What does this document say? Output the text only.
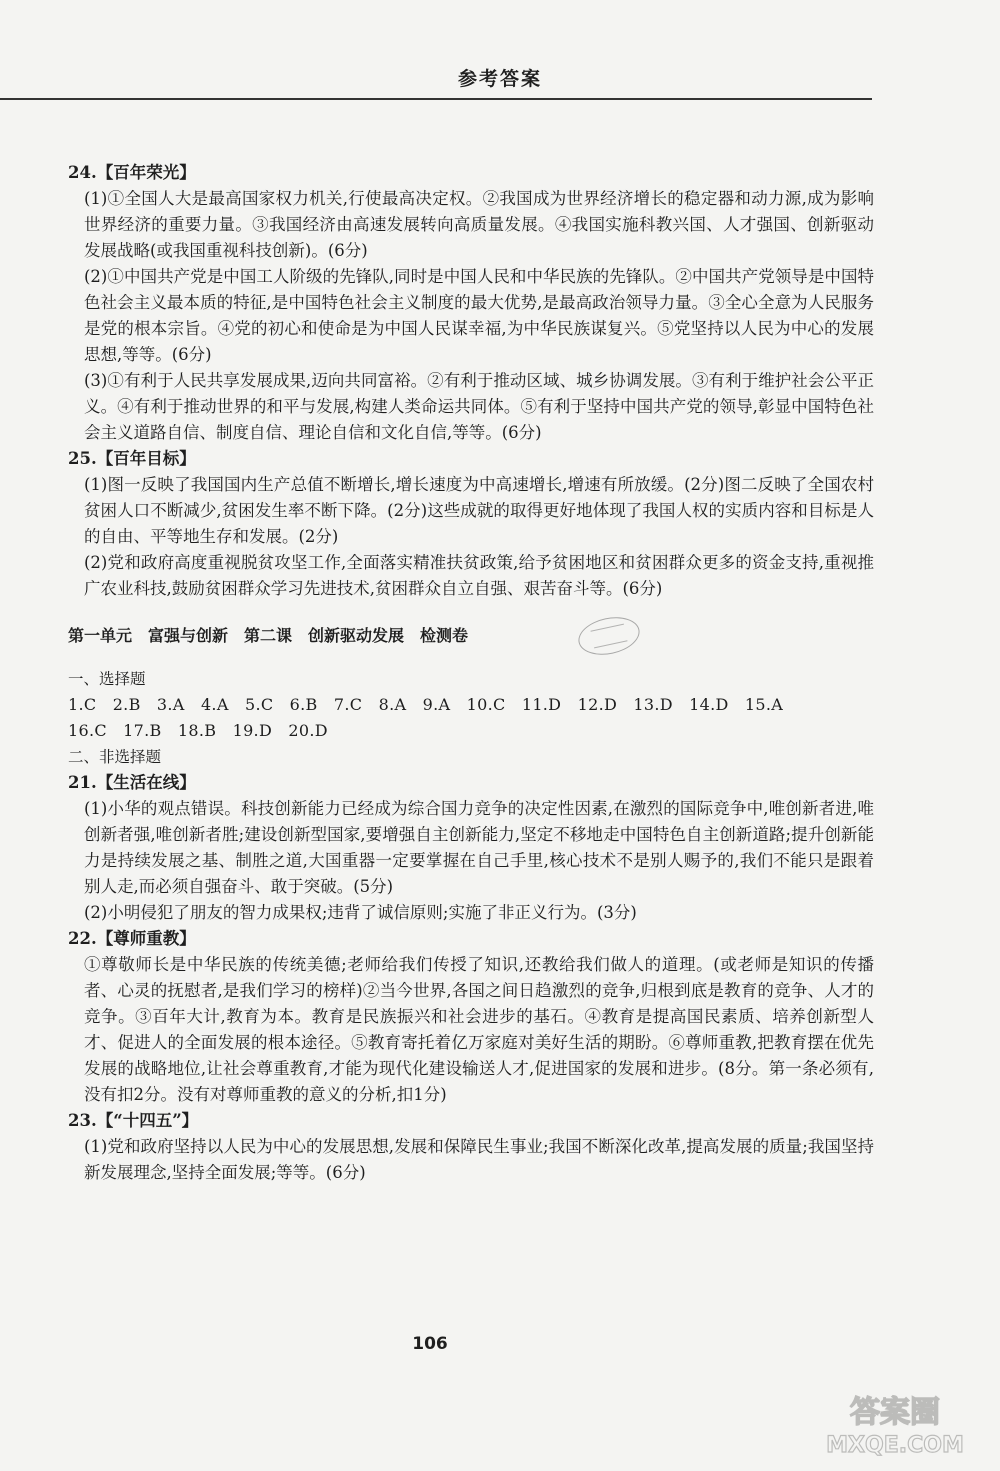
参考答案

24.【百年荣光】

(1)①全国人大是最高国家权力机关,行使最高决定权。②我国成为世界经济增长的稳定器和动力源,成为影响世界经济的重要力量。③我国经济由高速发展转向高质量发展。④我国实施科教兴国、人才强国、创新驱动发展战略(或我国重视科技创新)。(6分)

(2)①中国共产党是中国工人阶级的先锋队,同时是中国人民和中华民族的先锋队。②中国共产党领导是中国特色社会主义最本质的特征,是中国特色社会主义制度的最大优势,是最高政治领导力量。③全心全意为人民服务是党的根本宗旨。④党的初心和使命是为中国人民谋幸福,为中华民族谋复兴。⑤党坚持以人民为中心的发展思想,等等。(6分)

(3)①有利于人民共享发展成果,迈向共同富裕。②有利于推动区域、城乡协调发展。③有利于维护社会公平正义。④有利于推动世界的和平与发展,构建人类命运共同体。⑤有利于坚持中国共产党的领导,彰显中国特色社会主义道路自信、制度自信、理论自信和文化自信,等等。(6分)

25.【百年目标】

(1)图一反映了我国国内生产总值不断增长,增长速度为中高速增长,增速有所放缓。(2分)图二反映了全国农村贫困人口不断减少,贫困发生率不断下降。(2分)这些成就的取得更好地体现了我国人权的实质内容和目标是人的自由、平等地生存和发展。(2分)

(2)党和政府高度重视脱贫攻坚工作,全面落实精准扶贫政策,给予贫困地区和贫困群众更多的资金支持,重视推广农业科技,鼓励贫困群众学习先进技术,贫困群众自立自强、艰苦奋斗等。(6分)

第一单元　富强与创新　第二课　创新驱动发展　检测卷

一、选择题

1.C　2.B　3.A　4.A　5.C　6.B　7.C　8.A　9.A　10.C　11.D　12.D　13.D　14.D　15.A

16.C　17.B　18.B　19.D　20.D

二、非选择题

21.【生活在线】

(1)小华的观点错误。科技创新能力已经成为综合国力竞争的决定性因素,在激烈的国际竞争中,唯创新者进,唯创新者强,唯创新者胜;建设创新型国家,要增强自主创新能力,坚定不移地走中国特色自主创新道路;提升创新能力是持续发展之基、制胜之道,大国重器一定要掌握在自己手里,核心技术不是别人赐予的,我们不能只是跟着别人走,而必须自强奋斗、敢于突破。(5分)

(2)小明侵犯了朋友的智力成果权;违背了诚信原则;实施了非正义行为。(3分)

22.【尊师重教】

①尊敬师长是中华民族的传统美德;老师给我们传授了知识,还教给我们做人的道理。(或老师是知识的传播者、心灵的抚慰者,是我们学习的榜样)②当今世界,各国之间日趋激烈的竞争,归根到底是教育的竞争、人才的竞争。③百年大计,教育为本。教育是民族振兴和社会进步的基石。④教育是提高国民素质、培养创新型人才、促进人的全面发展的根本途径。⑤教育寄托着亿万家庭对美好生活的期盼。⑥尊师重教,把教育摆在优先发展的战略地位,让社会尊重教育,才能为现代化建设输送人才,促进国家的发展和进步。(8分。第一条必须有,没有扣2分。没有对尊师重教的意义的分析,扣1分)

23.【“十四五”】

(1)党和政府坚持以人民为中心的发展思想,发展和保障民生事业;我国不断深化改革,提高发展的质量;我国坚持新发展理念,坚持全面发展;等等。(6分)

106
答案圈
MXQE.COM
